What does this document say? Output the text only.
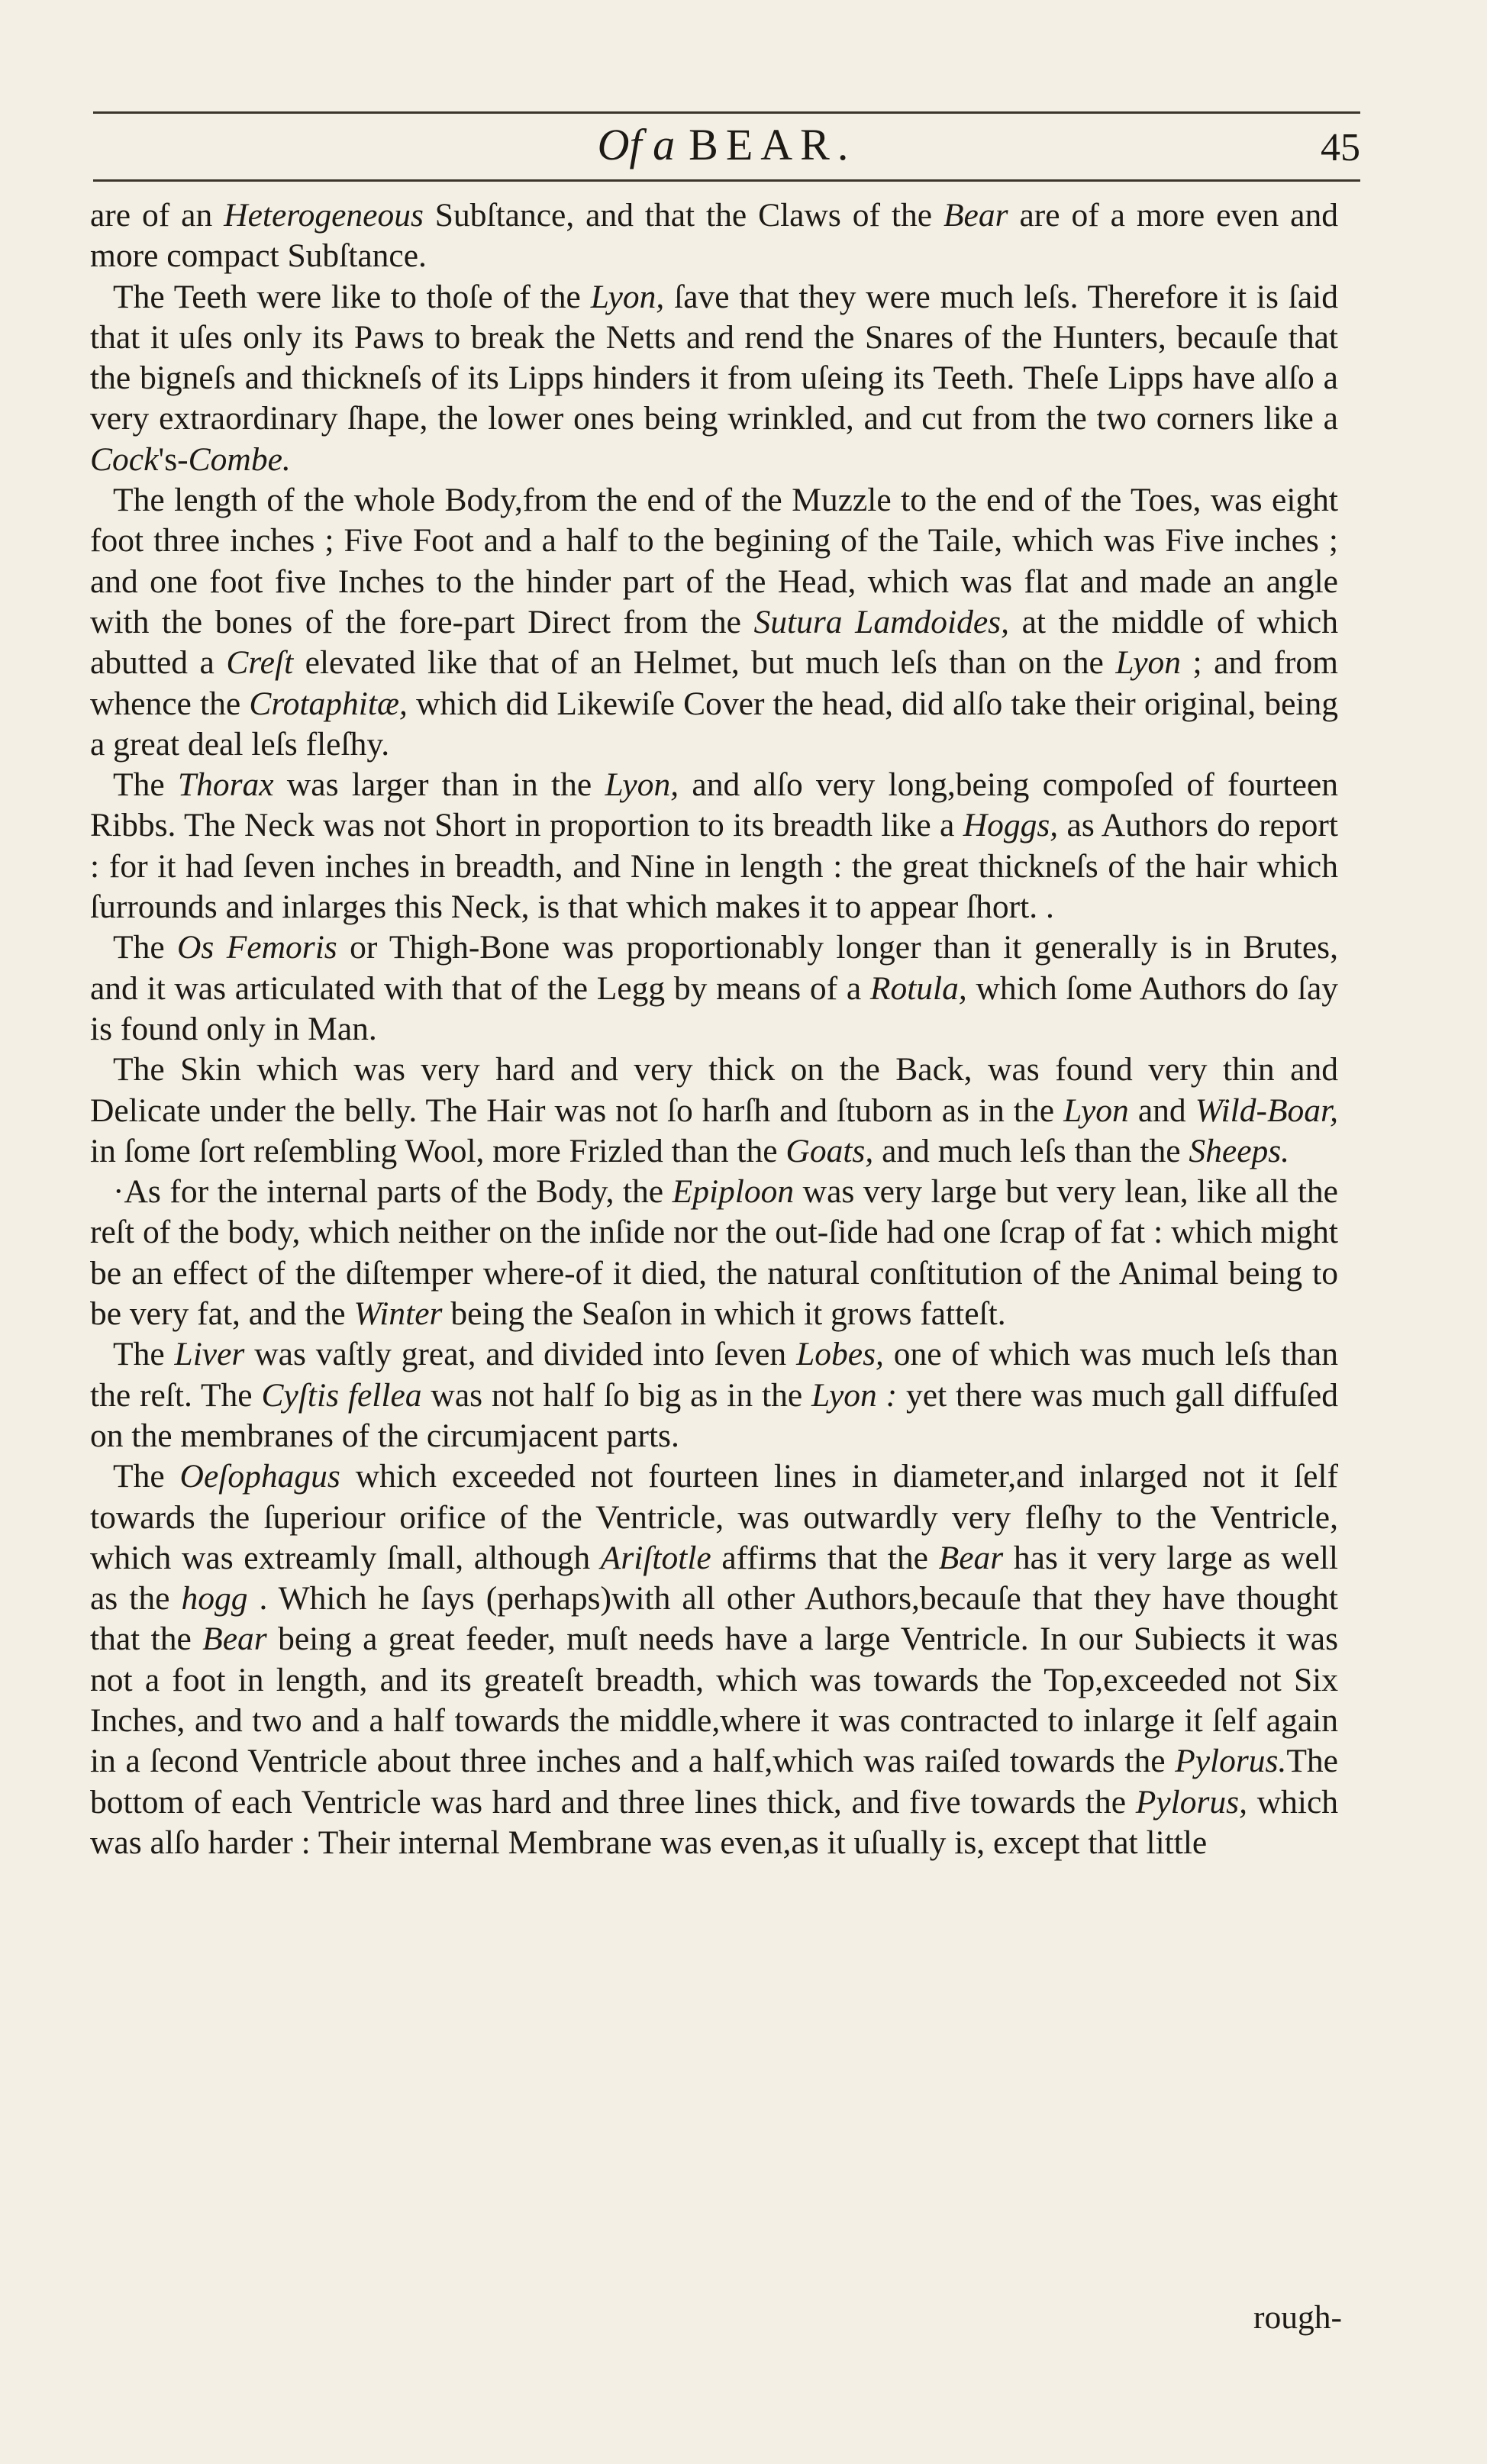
Of a BEAR.	45

are of an Heterogeneous Subſtance, and that the Claws of the Bear are of a more even and more compact Subſtance.

The Teeth were like to thoſe of the Lyon, ſave that they were much leſs. Therefore it is ſaid that it uſes only its Paws to break the Netts and rend the Snares of the Hunters, becauſe that the bigneſs and thickneſs of its Lipps hinders it from uſeing its Teeth. Theſe Lipps have alſo a very extraordinary ſhape, the lower ones being wrinkled, and cut from the two corners like a Cock's-Combe.

The length of the whole Body,from the end of the Muzzle to the end of the Toes, was eight foot three inches ; Five Foot and a half to the begining of the Taile, which was Five inches ; and one foot five Inches to the hinder part of the Head, which was flat and made an angle with the bones of the fore-part Direct from the Sutura Lamdoides, at the middle of which abutted a Creſt elevated like that of an Helmet, but much leſs than on the Lyon ; and from whence the Crotaphitæ, which did Likewiſe Cover the head, did alſo take their original, being a great deal leſs fleſhy.

The Thorax was larger than in the Lyon, and alſo very long,being compoſed of fourteen Ribbs. The Neck was not Short in proportion to its breadth like a Hoggs, as Authors do report : for it had ſeven inches in breadth, and Nine in length : the great thickneſs of the hair which ſurrounds and inlarges this Neck, is that which makes it to appear ſhort. .

The Os Femoris or Thigh-Bone was proportionably longer than it generally is in Brutes, and it was articulated with that of the Legg by means of a Rotula, which ſome Authors do ſay is found only in Man.

The Skin which was very hard and very thick on the Back, was found very thin and Delicate under the belly. The Hair was not ſo harſh and ſtuborn as in the Lyon and Wild-Boar, in ſome ſort reſembling Wool, more Frizled than the Goats, and much leſs than the Sheeps.

·As for the internal parts of the Body, the Epiploon was very large but very lean, like all the reſt of the body, which neither on the inſide nor the out-ſide had one ſcrap of fat : which might be an effect of the diſtemper where-of it died, the natural conſtitution of the Animal being to be very fat, and the Winter being the Seaſon in which it grows fatteſt.

The Liver was vaſtly great, and divided into ſeven Lobes, one of which was much leſs than the reſt. The Cyſtis fellea was not half ſo big as in the Lyon : yet there was much gall diffuſed on the membranes of the circumjacent parts.

The Oeſophagus which exceeded not fourteen lines in diameter,and inlarged not it ſelf towards the ſuperiour orifice of the Ventricle, was outwardly very fleſhy to the Ventricle, which was extreamly ſmall, although Ariſtotle affirms that the Bear has it very large as well as the hogg . Which he ſays (perhaps)with all other Authors,becauſe that they have thought that the Bear being a great feeder, muſt needs have a large Ventricle. In our Subiects it was not a foot in length, and its greateſt breadth, which was towards the Top,exceeded not Six Inches, and two and a half towards the middle,where it was contracted to inlarge it ſelf again in a ſecond Ventricle about three inches and a half,which was raiſed towards the Pylorus.The bottom of each Ventricle was hard and three lines thick, and five towards the Pylorus, which was alſo harder : Their internal Membrane was even,as it uſually is, except that little

rough-
